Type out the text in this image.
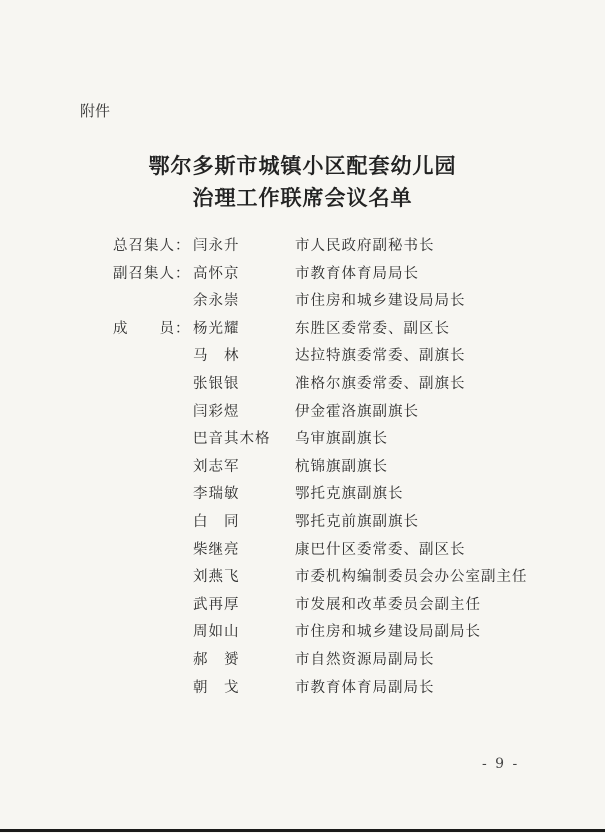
附件
鄂尔多斯市城镇小区配套幼儿园
治理工作联席会议名单
总召集人： 闫永升	市人民政府副秘书长
副召集人： 高怀京	市教育体育局局长
余永崇	市住房和城乡建设局局长
成　　员： 杨光耀	东胜区委常委、副区长
马　林	达拉特旗委常委、副旗长
张银银	准格尔旗委常委、副旗长
闫彩煜	伊金霍洛旗副旗长
巴音其木格 乌审旗副旗长
刘志军	杭锦旗副旗长
李瑞敏	鄂托克旗副旗长
白　同	鄂托克前旗副旗长
柴继亮	康巴什区委常委、副区长
刘燕飞	市委机构编制委员会办公室副主任
武再厚	市发展和改革委员会副主任
周如山	市住房和城乡建设局副局长
郝　赟	市自然资源局副局长
朝　戈	市教育体育局副局长
- 9 -
